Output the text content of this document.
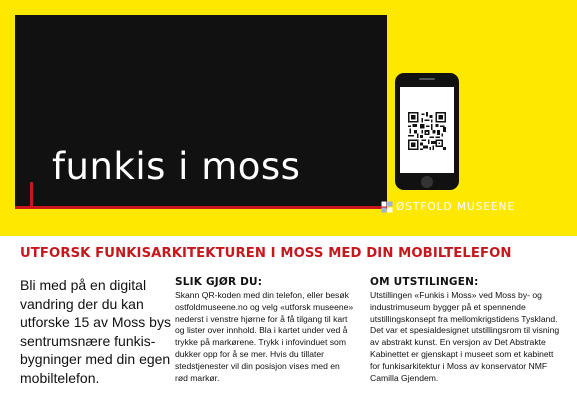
funkis i moss
ØSTFOLD MUSEENE
UTFORSK FUNKISARKITEKTUREN I MOSS MED DIN MOBILTELEFON

Bli med på en digital vandring der du kan utforske 15 av Moss bys sentrumsnære funkis-bygninger med din egen mobiltelefon.

SLIK GJØR DU:

Skann QR-koden med din telefon, eller besøk ostfoldmuseene.no og velg «utforsk museene» nederst i venstre hjørne for å få tilgang til kart og lister over innhold. Bla i kartet under ved å trykke på markørene. Trykk i infovinduet som dukker opp for å se mer. Hvis du tillater stedstjenester vil din posisjon vises med en rød markør.

OM UTSTILINGEN:

Utstillingen «Funkis i Moss» ved Moss by- og industrimuseum bygger på et spennende utstillingskonsept fra mellomkrigstidens Tyskland. Det var et spesialdesignet utstillingsrom til visning av abstrakt kunst. En versjon av Det Abstrakte Kabinettet er gjenskapt i museet som et kabinett for funkisarkitektur i Moss av konservator NMF Camilla Gjendem.
